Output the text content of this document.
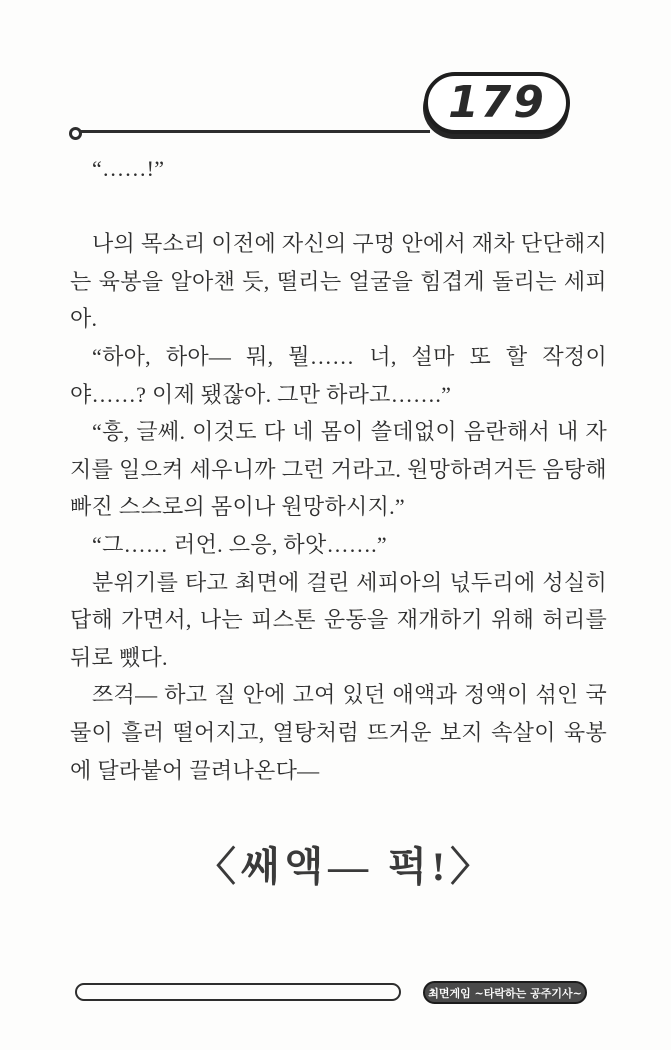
179

“……!”

나의 목소리 이전에 자신의 구멍 안에서 재차 단단해지는 육봉을 알아챈 듯, 떨리는 얼굴을 힘겹게 돌리는 세피아.

“하아, 하아— 뭐, 뭘…… 너, 설마 또 할 작정이야……? 이제 됐잖아. 그만 하라고…….”

“흥, 글쎄. 이것도 다 네 몸이 쓸데없이 음란해서 내 자지를 일으켜 세우니까 그런 거라고. 원망하려거든 음탕해 빠진 스스로의 몸이나 원망하시지.”

“그…… 러언. 으응, 하앗…….”

분위기를 타고 최면에 걸린 세피아의 넋두리에 성실히 답해 가면서, 나는 피스톤 운동을 재개하기 위해 허리를 뒤로 뺐다.

쯔걱— 하고 질 안에 고여 있던 애액과 정액이 섞인 국물이 흘러 떨어지고, 열탕처럼 뜨거운 보지 속살이 육봉에 달라붙어 끌려나온다—

〈쌔액— 퍽!〉
최면게임 ~타락하는 공주기사~
